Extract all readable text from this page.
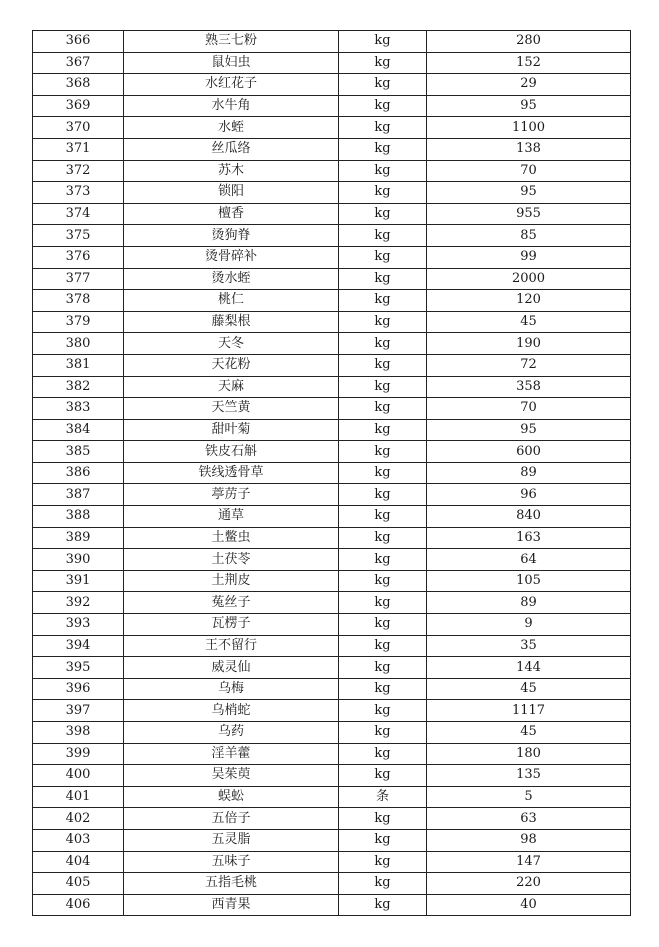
366	熟三七粉	kg	280
367	鼠妇虫	kg	152
368	水红花子	kg	29
369	水牛角	kg	95
370	水蛭	kg	1100
371	丝瓜络	kg	138
372	苏木	kg	70
373	锁阳	kg	95
374	檀香	kg	955
375	烫狗脊	kg	85
376	烫骨碎补	kg	99
377	烫水蛭	kg	2000
378	桃仁	kg	120
379	藤梨根	kg	45
380	天冬	kg	190
381	天花粉	kg	72
382	天麻	kg	358
383	天竺黄	kg	70
384	甜叶菊	kg	95
385	铁皮石斛	kg	600
386	铁线透骨草	kg	89
387	葶苈子	kg	96
388	通草	kg	840
389	土鳖虫	kg	163
390	土茯苓	kg	64
391	土荆皮	kg	105
392	菟丝子	kg	89
393	瓦楞子	kg	9
394	王不留行	kg	35
395	威灵仙	kg	144
396	乌梅	kg	45
397	乌梢蛇	kg	1117
398	乌药	kg	45
399	淫羊藿	kg	180
400	吴茱萸	kg	135
401	蜈蚣	条	5
402	五倍子	kg	63
403	五灵脂	kg	98
404	五味子	kg	147
405	五指毛桃	kg	220
406	西青果	kg	40
